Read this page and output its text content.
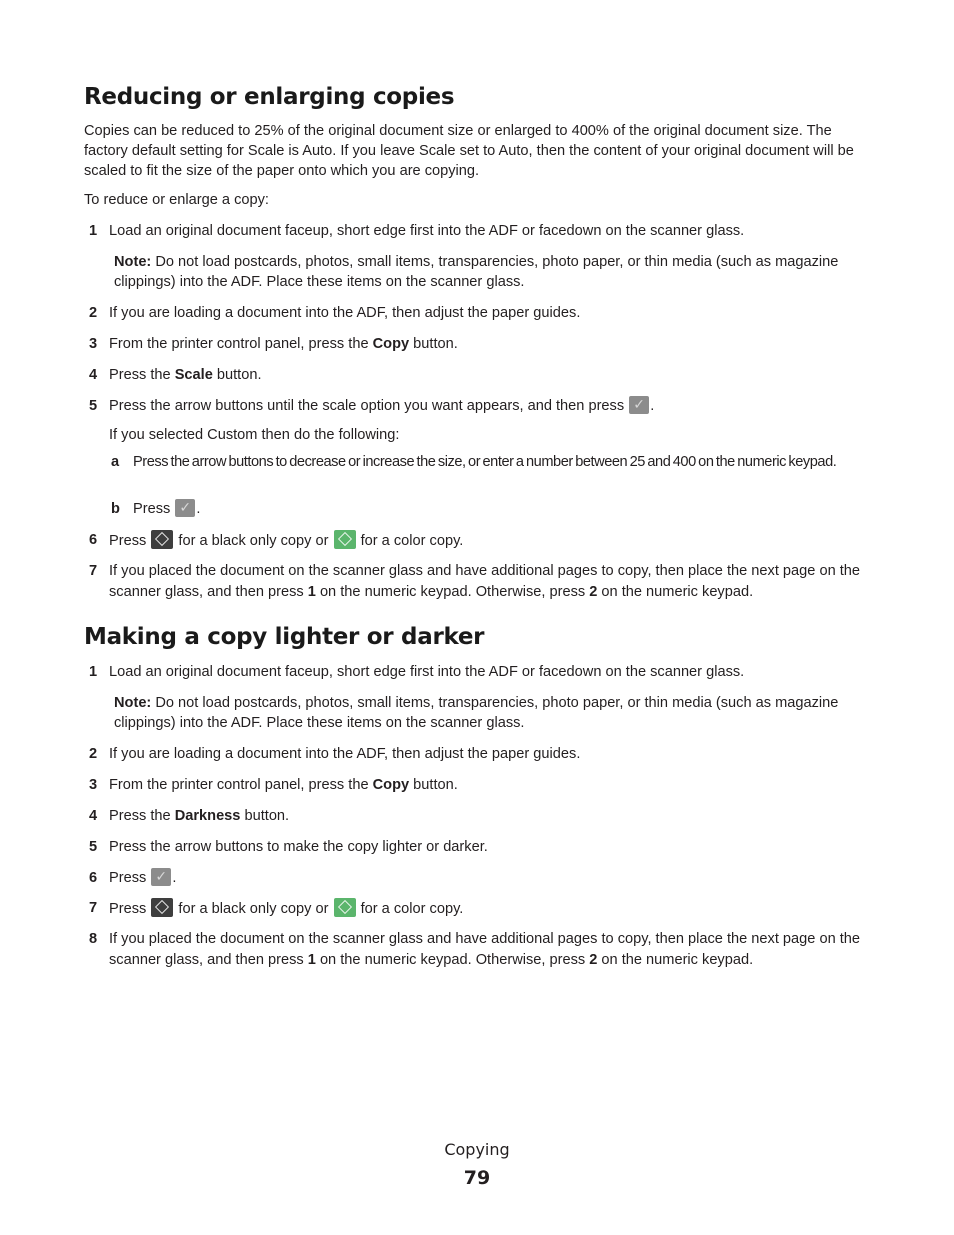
Reducing or enlarging copies

Copies can be reduced to 25% of the original document size or enlarged to 400% of the original document size. The factory default setting for Scale is Auto. If you leave Scale set to Auto, then the content of your original document will be scaled to fit the size of the paper onto which you are copying.

To reduce or enlarge a copy:

1 Load an original document faceup, short edge first into the ADF or facedown on the scanner glass.
Note: Do not load postcards, photos, small items, transparencies, photo paper, or thin media (such as magazine clippings) into the ADF. Place these items on the scanner glass.
2 If you are loading a document into the ADF, then adjust the paper guides.
3 From the printer control panel, press the Copy button.
4 Press the Scale button.
5 Press the arrow buttons until the scale option you want appears, and then press ✓.
If you selected Custom then do the following:
a Press the arrow buttons to decrease or increase the size, or enter a number between 25 and 400 on the numeric keypad.
b Press ✓.
6 Press  for a black only copy or  for a color copy.
7 If you placed the document on the scanner glass and have additional pages to copy, then place the next page on the scanner glass, and then press 1 on the numeric keypad. Otherwise, press 2 on the numeric keypad.
Making a copy lighter or darker
1 Load an original document faceup, short edge first into the ADF or facedown on the scanner glass.
Note: Do not load postcards, photos, small items, transparencies, photo paper, or thin media (such as magazine clippings) into the ADF. Place these items on the scanner glass.
2 If you are loading a document into the ADF, then adjust the paper guides.
3 From the printer control panel, press the Copy button.
4 Press the Darkness button.
5 Press the arrow buttons to make the copy lighter or darker.
6 Press ✓.
7 Press  for a black only copy or  for a color copy.
8 If you placed the document on the scanner glass and have additional pages to copy, then place the next page on the scanner glass, and then press 1 on the numeric keypad. Otherwise, press 2 on the numeric keypad.
Copying
79
